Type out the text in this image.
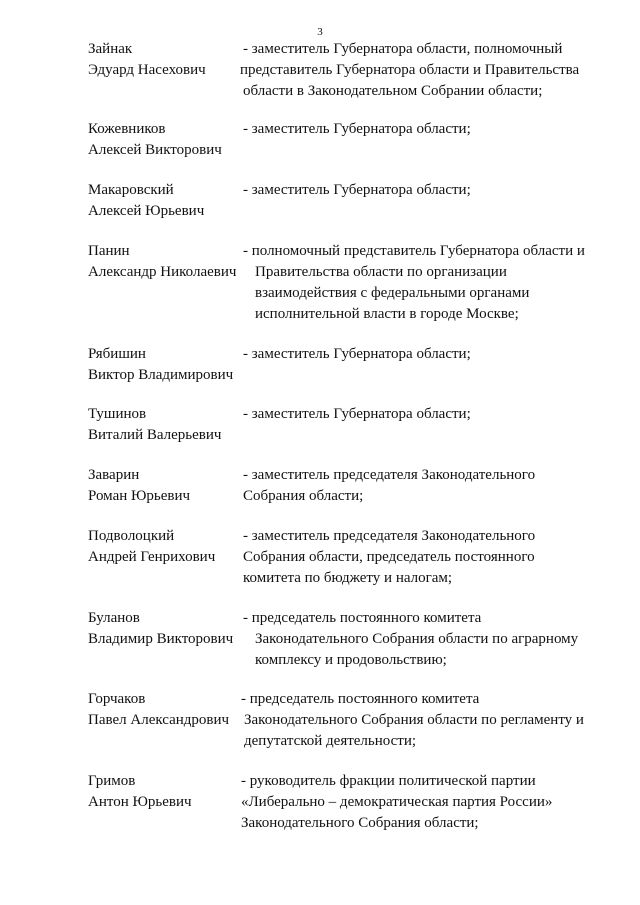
3
Зайнак
Эдуард Насехович
- заместитель Губернатора области, полномочный
представитель Губернатора области и Правительства
области в Законодательном Собрании области;
Кожевников
Алексей Викторович
- заместитель Губернатора области;
Макаровский
Алексей Юрьевич
- заместитель Губернатора области;
Панин
Александр Николаевич
- полномочный представитель Губернатора области и
Правительства области по организации
взаимодействия с федеральными органами
исполнительной власти в городе Москве;
Рябишин
Виктор Владимирович
- заместитель Губернатора области;
Тушинов
Виталий Валерьевич
- заместитель Губернатора области;
Заварин
Роман Юрьевич
- заместитель председателя Законодательного
Собрания области;
Подволоцкий
Андрей Генрихович
- заместитель председателя Законодательного
Собрания области, председатель постоянного
комитета по бюджету и налогам;
Буланов
Владимир Викторович
- председатель постоянного комитета
Законодательного Собрания области по аграрному
комплексу и продовольствию;
Горчаков
Павел Александрович
- председатель постоянного комитета
Законодательного Собрания области по регламенту и
депутатской деятельности;
Гримов
Антон Юрьевич
- руководитель фракции политической партии
«Либерально – демократическая партия России»
Законодательного Собрания области;
